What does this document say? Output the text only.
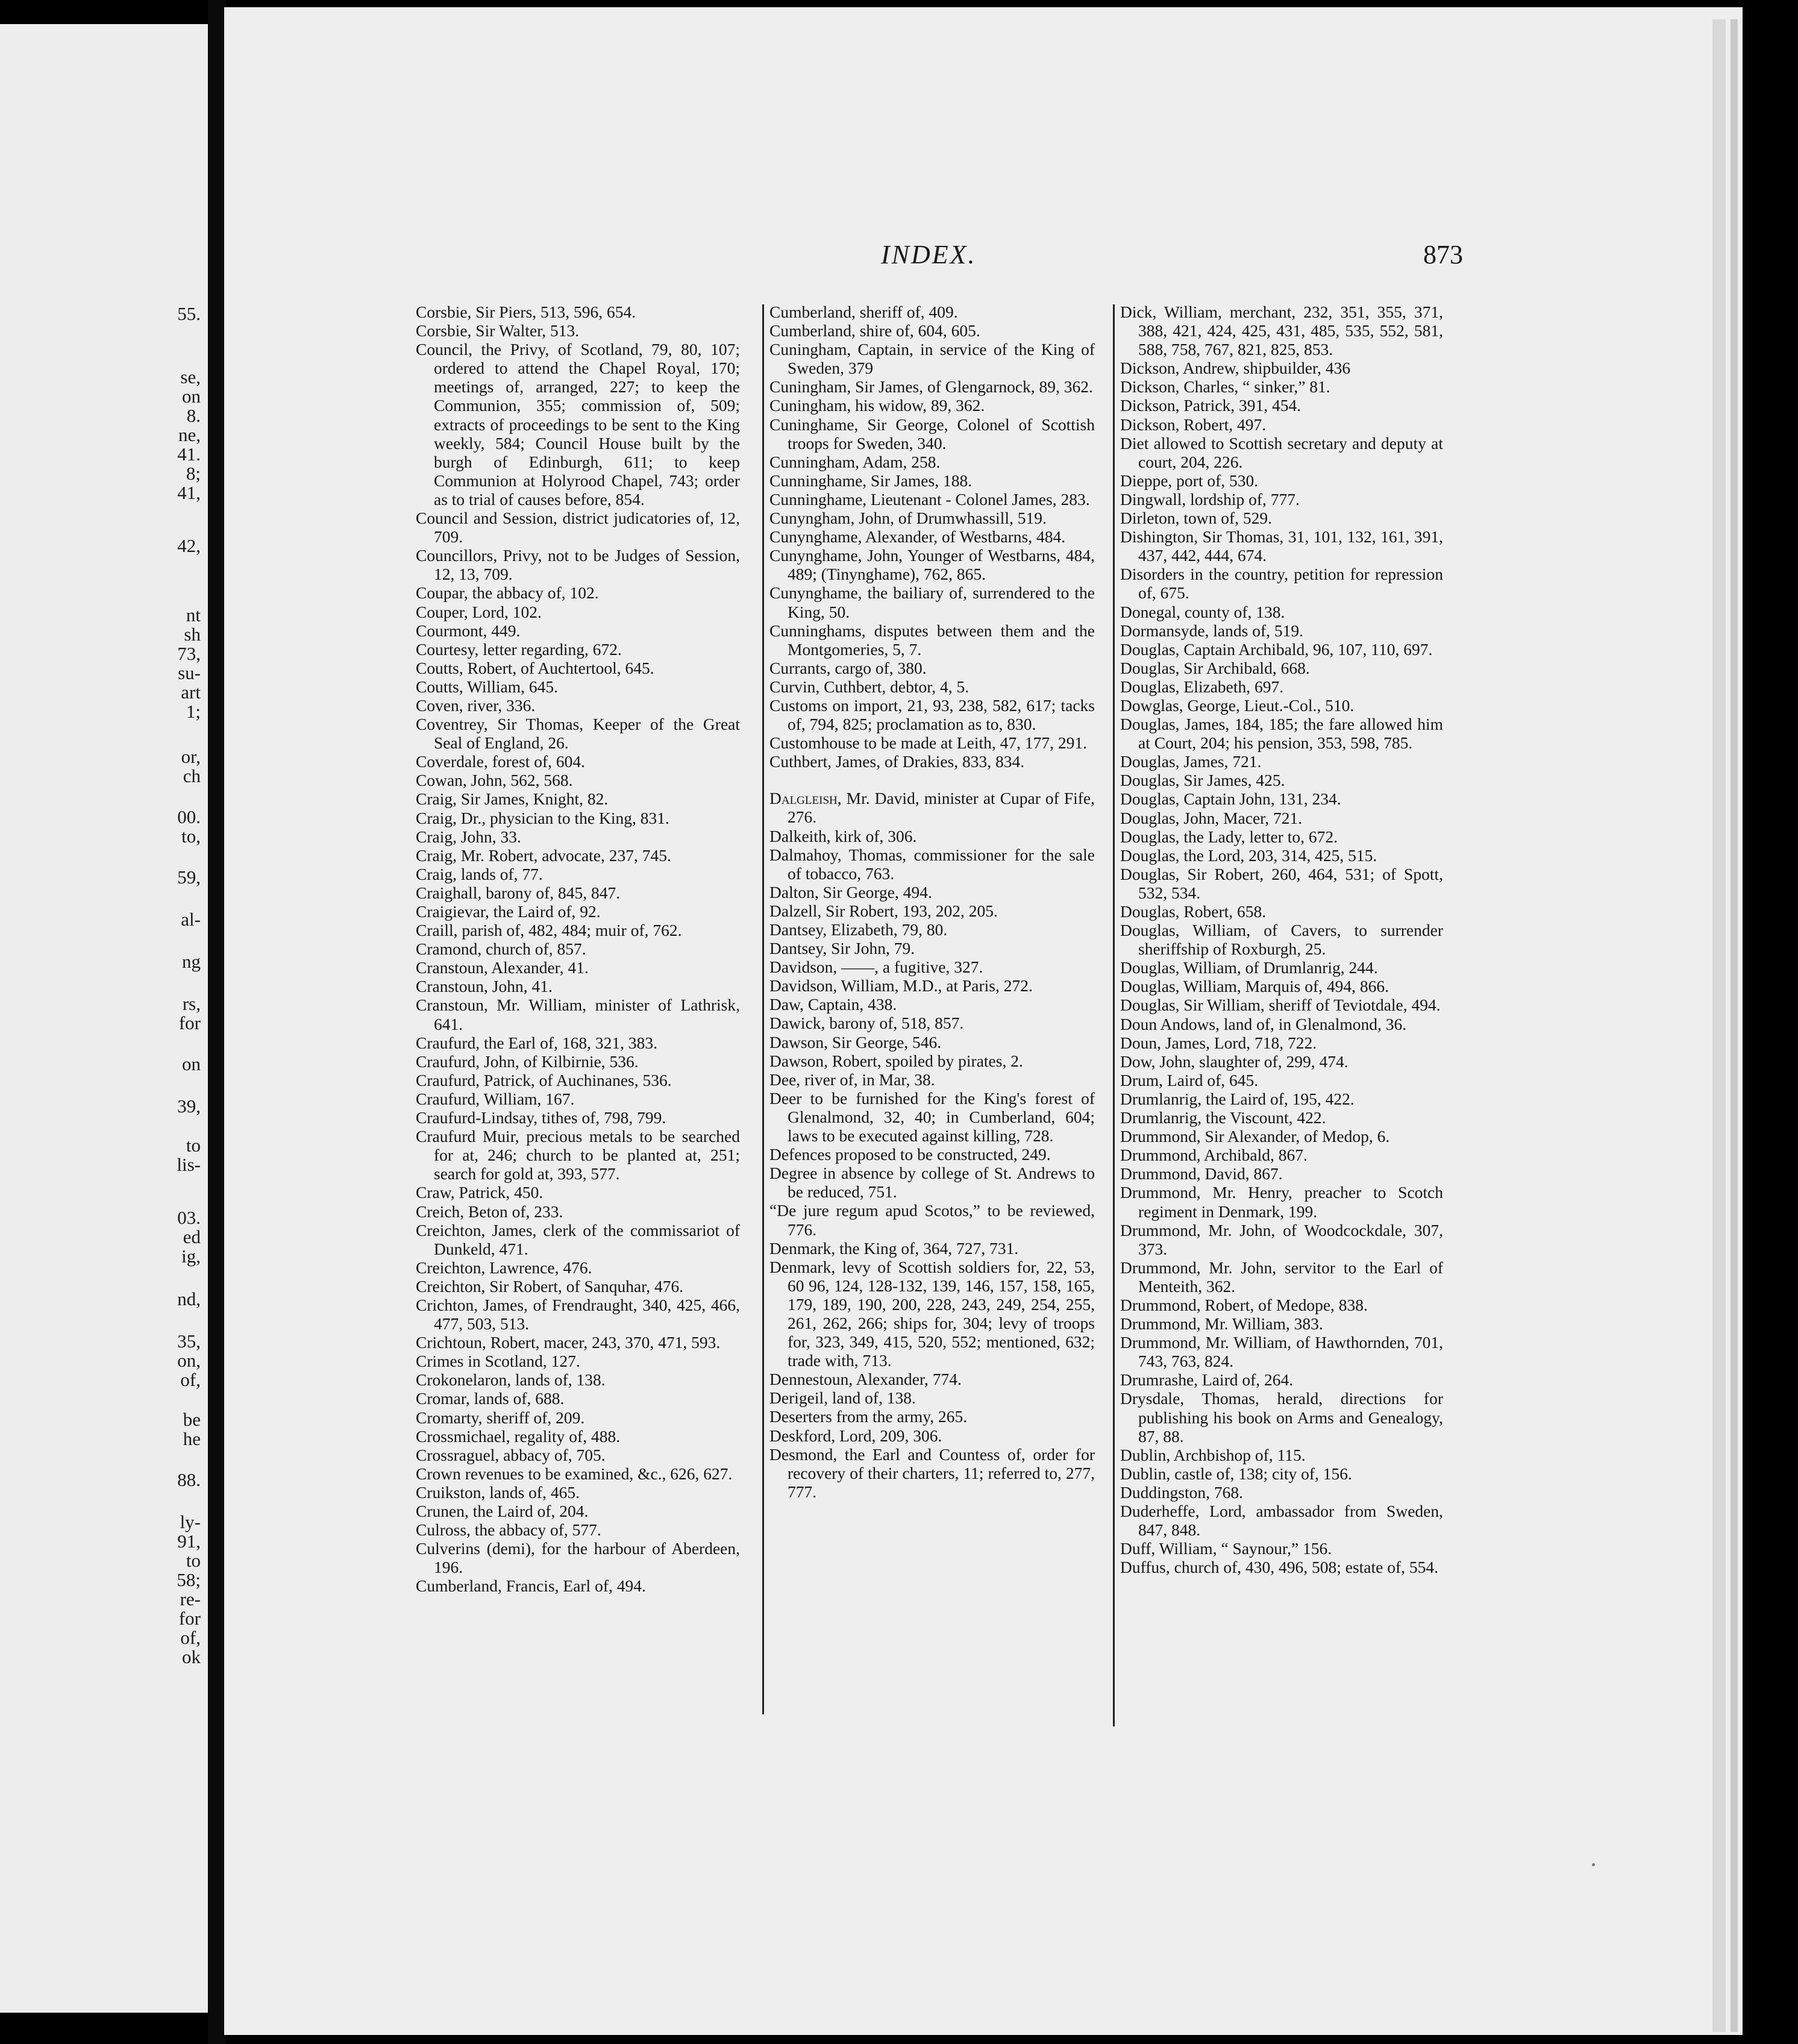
55.
se,
on
8.
ne,
41.
8;
41,
42,
nt
sh
73,
su-
art
1;
or,
ch
00.
to,
59,
al-
ng
rs,
for
on
39,
to
lis-
03.
ed
ig,
nd,
35,
on,
of,
be
he
88.
ly-
91,
to
58;
re-
for
of,
ok
INDEX.	873
Corsbie, Sir Piers, 513, 596, 654.
Corsbie, Sir Walter, 513.
Council, the Privy, of Scotland, 79, 80, 107; ordered to attend the Chapel Royal, 170; meetings of, arranged, 227; to keep the Communion, 355; commission of, 509; extracts of proceedings to be sent to the King weekly, 584; Council House built by the burgh of Edinburgh, 611; to keep Communion at Holyrood Chapel, 743; order as to trial of causes before, 854.
Council and Session, district judicatories of, 12, 709.
Councillors, Privy, not to be Judges of Session, 12, 13, 709.
Coupar, the abbacy of, 102.
Couper, Lord, 102.
Courmont, 449.
Courtesy, letter regarding, 672.
Coutts, Robert, of Auchtertool, 645.
Coutts, William, 645.
Coven, river, 336.
Coventrey, Sir Thomas, Keeper of the Great Seal of England, 26.
Coverdale, forest of, 604.
Cowan, John, 562, 568.
Craig, Sir James, Knight, 82.
Craig, Dr., physician to the King, 831.
Craig, John, 33.
Craig, Mr. Robert, advocate, 237, 745.
Craig, lands of, 77.
Craighall, barony of, 845, 847.
Craigievar, the Laird of, 92.
Craill, parish of, 482, 484; muir of, 762.
Cramond, church of, 857.
Cranstoun, Alexander, 41.
Cranstoun, John, 41.
Cranstoun, Mr. William, minister of Lathrisk, 641.
Craufurd, the Earl of, 168, 321, 383.
Craufurd, John, of Kilbirnie, 536.
Craufurd, Patrick, of Auchinanes, 536.
Craufurd, William, 167.
Craufurd-Lindsay, tithes of, 798, 799.
Craufurd Muir, precious metals to be searched for at, 246; church to be planted at, 251; search for gold at, 393, 577.
Craw, Patrick, 450.
Creich, Beton of, 233.
Creichton, James, clerk of the commissariot of Dunkeld, 471.
Creichton, Lawrence, 476.
Creichton, Sir Robert, of Sanquhar, 476.
Crichton, James, of Frendraught, 340, 425, 466, 477, 503, 513.
Crichtoun, Robert, macer, 243, 370, 471, 593.
Crimes in Scotland, 127.
Crokonelaron, lands of, 138.
Cromar, lands of, 688.
Cromarty, sheriff of, 209.
Crossmichael, regality of, 488.
Crossraguel, abbacy of, 705.
Crown revenues to be examined, &c., 626, 627.
Cruikston, lands of, 465.
Crunen, the Laird of, 204.
Culross, the abbacy of, 577.
Culverins (demi), for the harbour of Aberdeen, 196.
Cumberland, Francis, Earl of, 494.
Cumberland, sheriff of, 409.
Cumberland, shire of, 604, 605.
Cuningham, Captain, in service of the King of Sweden, 379
Cuningham, Sir James, of Glengarnock, 89, 362.
Cuningham, his widow, 89, 362.
Cuninghame, Sir George, Colonel of Scottish troops for Sweden, 340.
Cunningham, Adam, 258.
Cunninghame, Sir James, 188.
Cunninghame, Lieutenant - Colonel James, 283.
Cunyngham, John, of Drumwhassill, 519.
Cunynghame, Alexander, of Westbarns, 484.
Cunynghame, John, Younger of Westbarns, 484, 489; (Tinynghame), 762, 865.
Cunynghame, the bailiary of, surrendered to the King, 50.
Cunninghams, disputes between them and the Montgomeries, 5, 7.
Currants, cargo of, 380.
Curvin, Cuthbert, debtor, 4, 5.
Customs on import, 21, 93, 238, 582, 617; tacks of, 794, 825; proclamation as to, 830.
Customhouse to be made at Leith, 47, 177, 291.
Cuthbert, James, of Drakies, 833, 834.
Dalgleish, Mr. David, minister at Cupar of Fife, 276.
Dalkeith, kirk of, 306.
Dalmahoy, Thomas, commissioner for the sale of tobacco, 763.
Dalton, Sir George, 494.
Dalzell, Sir Robert, 193, 202, 205.
Dantsey, Elizabeth, 79, 80.
Dantsey, Sir John, 79.
Davidson, ——, a fugitive, 327.
Davidson, William, M.D., at Paris, 272.
Daw, Captain, 438.
Dawick, barony of, 518, 857.
Dawson, Sir George, 546.
Dawson, Robert, spoiled by pirates, 2.
Dee, river of, in Mar, 38.
Deer to be furnished for the King's forest of Glenalmond, 32, 40; in Cumberland, 604; laws to be executed against killing, 728.
Defences proposed to be constructed, 249.
Degree in absence by college of St. Andrews to be reduced, 751.
“De jure regum apud Scotos,” to be reviewed, 776.
Denmark, the King of, 364, 727, 731.
Denmark, levy of Scottish soldiers for, 22, 53, 60 96, 124, 128-132, 139, 146, 157, 158, 165, 179, 189, 190, 200, 228, 243, 249, 254, 255, 261, 262, 266; ships for, 304; levy of troops for, 323, 349, 415, 520, 552; mentioned, 632; trade with, 713.
Dennestoun, Alexander, 774.
Derigeil, land of, 138.
Deserters from the army, 265.
Deskford, Lord, 209, 306.
Desmond, the Earl and Countess of, order for recovery of their charters, 11; referred to, 277, 777.
Dick, William, merchant, 232, 351, 355, 371, 388, 421, 424, 425, 431, 485, 535, 552, 581, 588, 758, 767, 821, 825, 853.
Dickson, Andrew, shipbuilder, 436
Dickson, Charles, “ sinker,” 81.
Dickson, Patrick, 391, 454.
Dickson, Robert, 497.
Diet allowed to Scottish secretary and deputy at court, 204, 226.
Dieppe, port of, 530.
Dingwall, lordship of, 777.
Dirleton, town of, 529.
Dishington, Sir Thomas, 31, 101, 132, 161, 391, 437, 442, 444, 674.
Disorders in the country, petition for repression of, 675.
Donegal, county of, 138.
Dormansyde, lands of, 519.
Douglas, Captain Archibald, 96, 107, 110, 697.
Douglas, Sir Archibald, 668.
Douglas, Elizabeth, 697.
Dowglas, George, Lieut.-Col., 510.
Douglas, James, 184, 185; the fare allowed him at Court, 204; his pension, 353, 598, 785.
Douglas, James, 721.
Douglas, Sir James, 425.
Douglas, Captain John, 131, 234.
Douglas, John, Macer, 721.
Douglas, the Lady, letter to, 672.
Douglas, the Lord, 203, 314, 425, 515.
Douglas, Sir Robert, 260, 464, 531; of Spott, 532, 534.
Douglas, Robert, 658.
Douglas, William, of Cavers, to surrender sheriffship of Roxburgh, 25.
Douglas, William, of Drumlanrig, 244.
Douglas, William, Marquis of, 494, 866.
Douglas, Sir William, sheriff of Teviotdale, 494.
Doun Andows, land of, in Glenalmond, 36.
Doun, James, Lord, 718, 722.
Dow, John, slaughter of, 299, 474.
Drum, Laird of, 645.
Drumlanrig, the Laird of, 195, 422.
Drumlanrig, the Viscount, 422.
Drummond, Sir Alexander, of Medop, 6.
Drummond, Archibald, 867.
Drummond, David, 867.
Drummond, Mr. Henry, preacher to Scotch regiment in Denmark, 199.
Drummond, Mr. John, of Woodcockdale, 307, 373.
Drummond, Mr. John, servitor to the Earl of Menteith, 362.
Drummond, Robert, of Medope, 838.
Drummond, Mr. William, 383.
Drummond, Mr. William, of Hawthornden, 701, 743, 763, 824.
Drumrashe, Laird of, 264.
Drysdale, Thomas, herald, directions for publishing his book on Arms and Genealogy, 87, 88.
Dublin, Archbishop of, 115.
Dublin, castle of, 138; city of, 156.
Duddingston, 768.
Duderheffe, Lord, ambassador from Sweden, 847, 848.
Duff, William, “ Saynour,” 156.
Duffus, church of, 430, 496, 508; estate of, 554.
